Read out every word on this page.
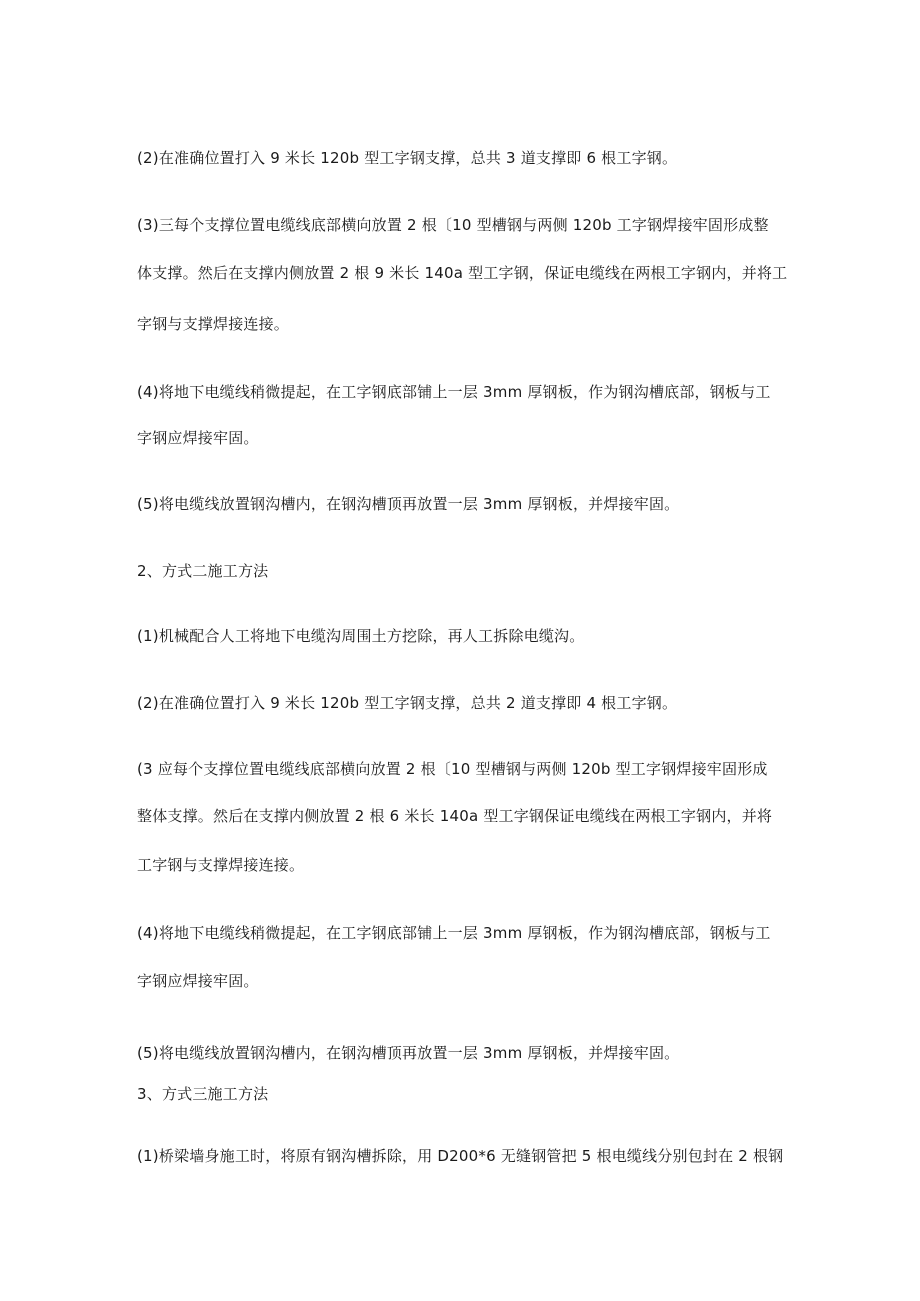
(2)在准确位置打入 9 米长 120b 型工字钢支撑，总共 3 道支撑即 6 根工字钢。
(3)三每个支撑位置电缆线底部横向放置 2 根〔10 型槽钢与两侧 120b 工字钢焊接牢固形成整
体支撑。然后在支撑内侧放置 2 根 9 米长 140a 型工字钢，保证电缆线在两根工字钢内，并将工
字钢与支撑焊接连接。
(4)将地下电缆线稍微提起，在工字钢底部铺上一层 3mm 厚钢板，作为钢沟槽底部，钢板与工
字钢应焊接牢固。
(5)将电缆线放置钢沟槽内，在钢沟槽顶再放置一层 3mm 厚钢板，并焊接牢固。
2、方式二施工方法
(1)机械配合人工将地下电缆沟周围土方挖除，再人工拆除电缆沟。
(2)在准确位置打入 9 米长 120b 型工字钢支撑，总共 2 道支撑即 4 根工字钢。
(3 应每个支撑位置电缆线底部横向放置 2 根〔10 型槽钢与两侧 120b 型工字钢焊接牢固形成
整体支撑。然后在支撑内侧放置 2 根 6 米长 140a 型工字钢保证电缆线在两根工字钢内，并将
工字钢与支撑焊接连接。
(4)将地下电缆线稍微提起，在工字钢底部铺上一层 3mm 厚钢板，作为钢沟槽底部，钢板与工
字钢应焊接牢固。
(5)将电缆线放置钢沟槽内，在钢沟槽顶再放置一层 3mm 厚钢板，并焊接牢固。
3、方式三施工方法
(1)桥梁墙身施工时，将原有钢沟槽拆除，用 D200*6 无缝钢管把 5 根电缆线分别包封在 2 根钢
